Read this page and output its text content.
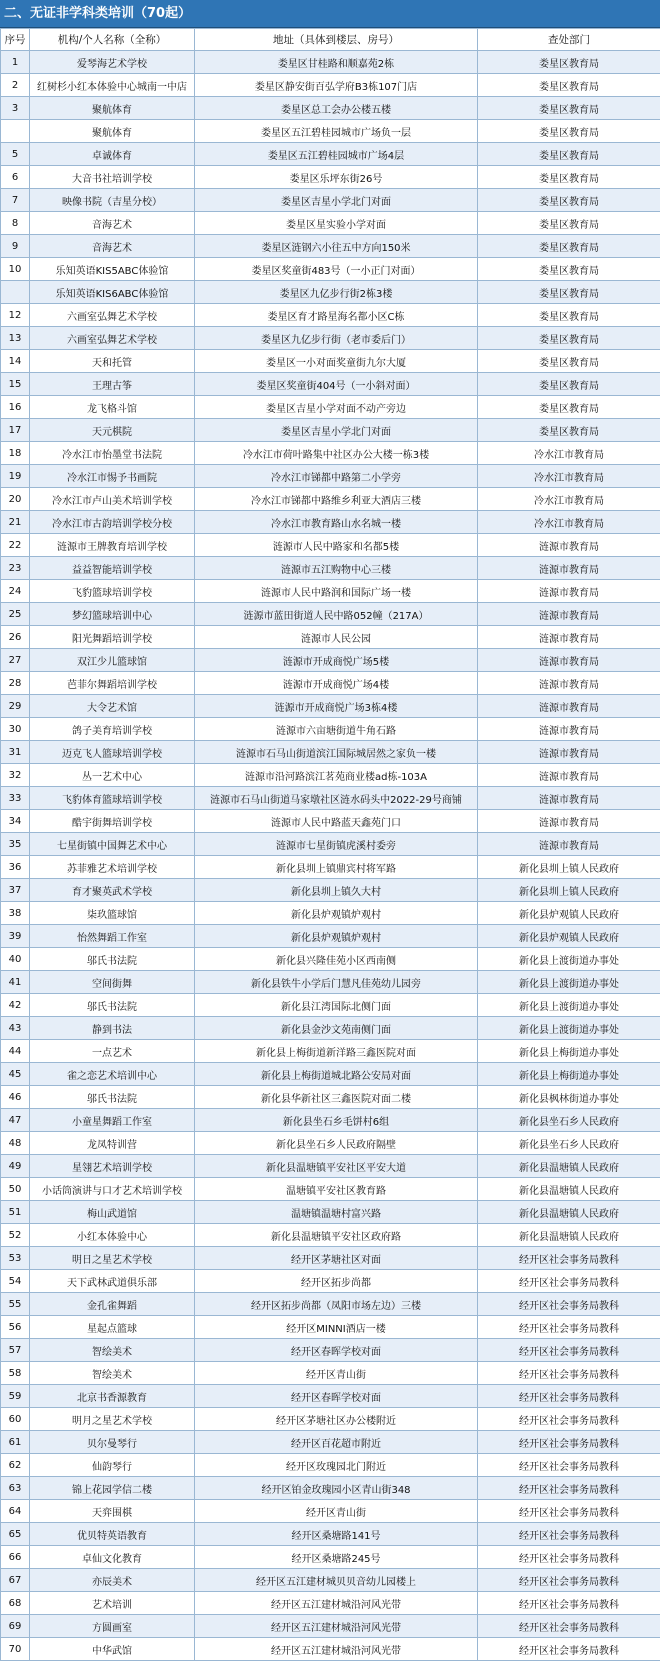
二、无证非学科类培训（70起）
序号	机构/个人名称（全称）	地址（具体到楼层、房号）	查处部门
1	爱琴海艺术学校	娄星区甘桂路和顺嘉苑2栋	娄星区教育局
2	红树杉小红本体验中心城南一中店	娄星区静安街百弘学府B3栋107门店	娄星区教育局
3	聚航体育	娄星区总工会办公楼五楼	娄星区教育局
	聚航体育	娄星区五江碧桂园城市广场负一层	娄星区教育局
5	卓诚体育	娄星区五江碧桂园城市广场4层	娄星区教育局
6	大音书社培训学校	娄星区乐坪东街26号	娄星区教育局
7	映像书院（吉星分校）	娄星区吉星小学北门对面	娄星区教育局
8	音海艺术	娄星区星实验小学对面	娄星区教育局
9	音海艺术	娄星区涟钢六小往五中方向150米	娄星区教育局
10	乐知英语KIS5ABC体验馆	娄星区奖童街483号（一小正门对面）	娄星区教育局
	乐知英语KIS6ABC体验馆	娄星区九亿步行街2栋3楼	娄星区教育局
12	六画室弘舞艺术学校	娄星区育才路星海名都小区C栋	娄星区教育局
13	六画室弘舞艺术学校	娄星区九亿步行街（老市委后门）	娄星区教育局
14	天和托管	娄星区一小对面奖童街九尔大厦	娄星区教育局
15	王理古筝	娄星区奖童街404号（一小斜对面）	娄星区教育局
16	龙飞格斗馆	娄星区吉星小学对面不动产旁边	娄星区教育局
17	天元棋院	娄星区吉星小学北门对面	娄星区教育局
18	冷水江市怡墨堂书法院	冷水江市荷叶路集中社区办公大楼一栋3楼	冷水江市教育局
19	冷水江市惕予书画院	冷水江市锑都中路第二小学旁	冷水江市教育局
20	冷水江市卢山美术培训学校	冷水江市锑都中路维乡利亚大酒店三楼	冷水江市教育局
21	冷水江市古韵培训学校分校	冷水江市教育路山水名城一楼	冷水江市教育局
22	涟源市王牌教育培训学校	涟源市人民中路家和名都5楼	涟源市教育局
23	益益智能培训学校	涟源市五江购物中心三楼	涟源市教育局
24	飞豹篮球培训学校	涟源市人民中路润和国际广场一楼	涟源市教育局
25	梦幻篮球培训中心	涟源市蓝田街道人民中路052幢（217A）	涟源市教育局
26	阳光舞蹈培训学校	涟源市人民公园	涟源市教育局
27	双江少儿篮球馆	涟源市开成商悦广场5楼	涟源市教育局
28	芭菲尔舞蹈培训学校	涟源市开成商悦广场4楼	涟源市教育局
29	大令艺术馆	涟源市开成商悦广场3栋4楼	涟源市教育局
30	鸽子美育培训学校	涟源市六亩塘街道牛角石路	涟源市教育局
31	迈克飞人篮球培训学校	涟源市石马山街道滨江国际城居然之家负一楼	涟源市教育局
32	丛一艺术中心	涟源市沿河路滨江茗苑商业楼ad栋-103A	涟源市教育局
33	飞豹体育篮球培训学校	涟源市石马山街道马家墩社区涟水码头中2022-29号商铺	涟源市教育局
34	酷宇街舞培训学校	涟源市人民中路蓝天鑫苑门口	涟源市教育局
35	七星街镇中国舞艺术中心	涟源市七星街镇虎溪村委旁	涟源市教育局
36	苏菲雅艺术培训学校	新化县圳上镇鼎宾村将军路	新化县圳上镇人民政府
37	育才聚英武术学校	新化县圳上镇久大村	新化县圳上镇人民政府
38	柒玖篮球馆	新化县炉观镇炉观村	新化县炉观镇人民政府
39	怡然舞蹈工作室	新化县炉观镇炉观村	新化县炉观镇人民政府
40	邬氏书法院	新化县兴隆佳苑小区西南侧	新化县上渡街道办事处
41	空间街舞	新化县铁牛小学后门慧凡佳苑幼儿园旁	新化县上渡街道办事处
42	邬氏书法院	新化县江湾国际北侧门面	新化县上渡街道办事处
43	静到书法	新化县金沙文苑南侧门面	新化县上渡街道办事处
44	一点艺术	新化县上梅街道新洋路三鑫医院对面	新化县上梅街道办事处
45	雀之恋艺术培训中心	新化县上梅街道城北路公安局对面	新化县上梅街道办事处
46	邬氏书法院	新化县华新社区三鑫医院对面二楼	新化县枫林街道办事处
47	小童星舞蹈工作室	新化县坐石乡毛饼村6组	新化县坐石乡人民政府
48	龙凤特训营	新化县坐石乡人民政府隔壁	新化县坐石乡人民政府
49	星翎艺术培训学校	新化县温塘镇平安社区平安大道	新化县温塘镇人民政府
50	小话筒演讲与口才艺术培训学校	温塘镇平安社区教育路	新化县温塘镇人民政府
51	梅山武道馆	温塘镇温塘村富兴路	新化县温塘镇人民政府
52	小红本体验中心	新化县温塘镇平安社区政府路	新化县温塘镇人民政府
53	明日之星艺术学校	经开区茅塘社区对面	经开区社会事务局教科
54	天下武林武道俱乐部	经开区拓步尚都	经开区社会事务局教科
55	金孔雀舞蹈	经开区拓步尚都（凤阳市场左边）三楼	经开区社会事务局教科
56	星起点篮球	经开区MINNI酒店一楼	经开区社会事务局教科
57	智绘美术	经开区春晖学校对面	经开区社会事务局教科
58	智绘美术	经开区青山街	经开区社会事务局教科
59	北京书香源教育	经开区春晖学校对面	经开区社会事务局教科
60	明月之星艺术学校	经开区茅塘社区办公楼附近	经开区社会事务局教科
61	贝尔曼琴行	经开区百花超市附近	经开区社会事务局教科
62	仙韵琴行	经开区玫瑰园北门附近	经开区社会事务局教科
63	锦上花园学信二楼	经开区铂金玫瑰园小区青山街348	经开区社会事务局教科
64	天弈围棋	经开区青山街	经开区社会事务局教科
65	优贝特英语教育	经开区桑塘路141号	经开区社会事务局教科
66	卓仙文化教育	经开区桑塘路245号	经开区社会事务局教科
67	亦辰美术	经开区五江建材城贝贝音幼儿园楼上	经开区社会事务局教科
68	艺术培训	经开区五江建材城沿河风光带	经开区社会事务局教科
69	方圆画室	经开区五江建材城沿河风光带	经开区社会事务局教科
70	中华武馆	经开区五江建材城沿河风光带	经开区社会事务局教科
